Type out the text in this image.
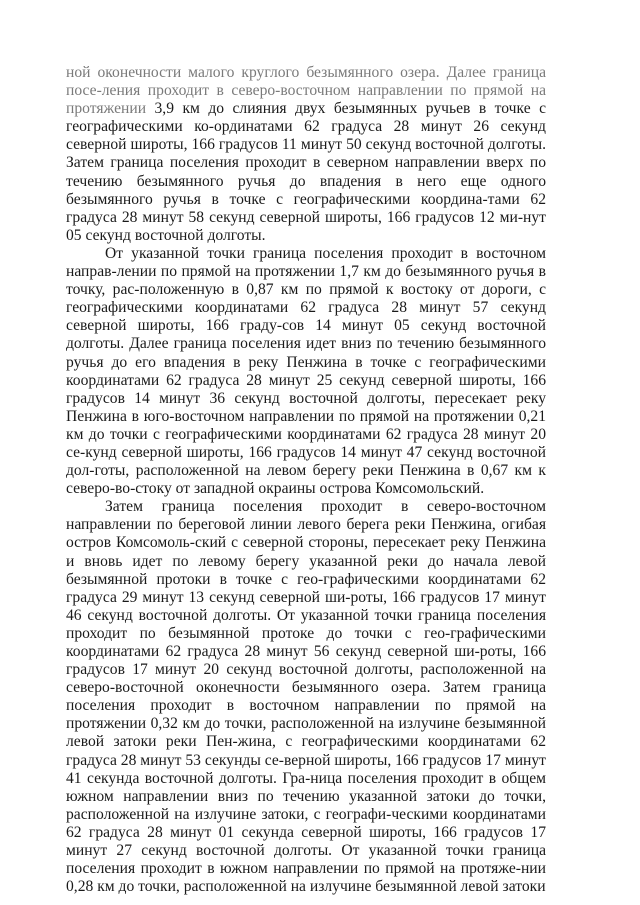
ной оконечности малого круглого безымянного озера. Далее граница посе-ления проходит в северо-восточном направлении по прямой на протяжении 3,9 км до слияния двух безымянных ручьев в точке с географическими ко-ординатами 62 градуса 28 минут 26 секунд северной широты, 166 градусов 11 минут 50 секунд восточной долготы. Затем граница поселения проходит в северном направлении вверх по течению безымянного ручья до впадения в него еще одного безымянного ручья в точке с географическими координа-тами 62 градуса 28 минут 58 секунд северной широты, 166 градусов 12 ми-нут 05 секунд восточной долготы.

От указанной точки граница поселения проходит в восточном направ-лении по прямой на протяжении 1,7 км до безымянного ручья в точку, рас-положенную в 0,87 км по прямой к востоку от дороги, с географическими координатами 62 градуса 28 минут 57 секунд северной широты, 166 граду-сов 14 минут 05 секунд восточной долготы. Далее граница поселения идет вниз по течению безымянного ручья до его впадения в реку Пенжина в точке с географическими координатами 62 градуса 28 минут 25 секунд северной широты, 166 градусов 14 минут 36 секунд восточной долготы, пересекает реку Пенжина в юго-восточном направлении по прямой на протяжении 0,21 км до точки с географическими координатами 62 градуса 28 минут 20 се-кунд северной широты, 166 градусов 14 минут 47 секунд восточной дол-готы, расположенной на левом берегу реки Пенжина в 0,67 км к северо-во-стоку от западной окраины острова Комсомольский.

Затем граница поселения проходит в северо-восточном направлении по береговой линии левого берега реки Пенжина, огибая остров Комсомоль-ский с северной стороны, пересекает реку Пенжина и вновь идет по левому берегу указанной реки до начала левой безымянной протоки в точке с гео-графическими координатами 62 градуса 29 минут 13 секунд северной ши-роты, 166 градусов 17 минут 46 секунд восточной долготы. От указанной точки граница поселения проходит по безымянной протоке до точки с гео-графическими координатами 62 градуса 28 минут 56 секунд северной ши-роты, 166 градусов 17 минут 20 секунд восточной долготы, расположенной на северо-восточной оконечности безымянного озера. Затем граница поселения проходит в восточном направлении по прямой на протяжении 0,32 км до точки, расположенной на излучине безымянной левой затоки реки Пен-жина, с географическими координатами 62 градуса 28 минут 53 секунды се-верной широты, 166 градусов 17 минут 41 секунда восточной долготы. Гра-ница поселения проходит в общем южном направлении вниз по течению указанной затоки до точки, расположенной на излучине затоки, с географи-ческими координатами 62 градуса 28 минут 01 секунда северной широты, 166 градусов 17 минут 27 секунд восточной долготы. От указанной точки граница поселения проходит в южном направлении по прямой на протяже-нии 0,28 км до точки, расположенной на излучине безымянной левой затоки
